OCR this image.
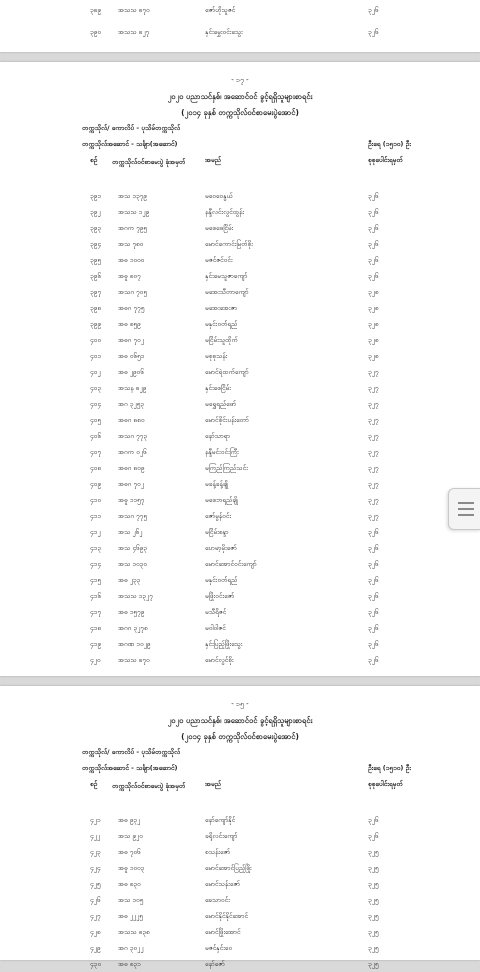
၃၈၉	အသသ ၈၇၀	ဇော်ဟိုသူဇင်	၃၂၆
၃၉၀	အသသ ၈၂၇	နှင်းမွှေးဝင်းသွေး	၃၂၆
- ၁၇ -
၂၀၂၀ ပညာသင်နှစ်၊ အဆောင်ဝင် ခွင့်ရရှိသူများစာရင်း
(၂၀၁၄ ခုနှစ် တက္ကသိုလ်ဝင်စာမေးပွဲအောင်)
တက္ကသိုလ်/ ကောလိပ် - ပုသိမ်တက္ကသိုလ်
တက္ကသိုလ်အဆောင် - သင်္ချာ(အဆောင်)	ဦးရေ (၁၅၁၀) ဦး
စဉ် တက္ကသိုလ်ဝင်စာမေးပွဲ ခုံအမှတ်	အမည်	စုစုပေါင်းရမှတ်
၃၉၁	အသ ၁၃၇၉	မဝေဝေနွယ်	၃၂၆
၃၉၂	အသသ ၁၂၉	နန္ဒီလင်းလွင်ထွန်း	၃၂၆
၃၉၃	အဂက ၇၉၅	မဖေဖေငြိမ်း	၃၂၆
၃၉၄	အသ ၇၈၀	မောင်ကောင်းမြတ်စိုး	၃၂၆
၃၉၅	အဓ ၁၀၀၀	မဇင်ဇင်ဝင်း	၃၂၆
၃၉၆	အဓူ ၈၀၇	နှင်းမေသူဇာကျော်	၃၂၆
၃၉၇	အသဂ ၇၀၅	မအေးသီတာကျော်	၃၂၈
၃၉၈	အဓဂ ၇၇၅	မအေးအေးဇာ	၃၂၈
၃၉၉	အဓ ၈၅၉	မနှင်းဝတ်ရည်	၃၂၈
၄၀၀	အဓဂ ၇၀၂	မငြိမ်းသူထိုက်	၃၂၈
၄၀၁	အဓ ၀၆၅၁	မစုစုသန်း	၃၂၈
၄၀၂	အဓ ၂၉၀၆	မောင်ရဲထက်ကျော်	၃၂၇
၄၀၃	အသန ၈၂၉	နှင်းဖေငြိမ်း	၃၂၇
၄၀၄	အဂ ၃၂၅၃	မရွှေရည်ဖော်	၃၂၇
၄၀၅	အဓဂ ၈၈၀	မောင်စိုင်းပန်းတော်	၃၂၇
၄၀၆	အသဂ ၇၇၃	နော်သာရာ	၃၂၇
၄၀၇	အဂက ၀၂၆	နန္ဒီမင်းဝင်းကြီး	၃၂၇
၄၀၈	အဓဂ ၈၀၉	မကြည်ကြည်သင်း	၃၂၇
၄၀၉	အဓဂ ၇၀၂	မခန့်ခန့်ချို	၃၂၇
၄၁၀	အဓူ ၁၁၅၇	မဖေဘရည်ချို	၃၂၇
၄၁၁	အသဂ ၇၇၅	ဇော်မွန်ဝင်း	၃၂၇
၄၁၂	အသ ၂၆၂	မငြိမ်းစန္ဒာ	၃၂၆
၄၁၃	အသ ၄၆၉၃	ဟေမာ့မိုးဇော်	၃၂၆
၄၁၄	အသ ၁၀၃၀	မောင်အောင်ဝင်းကျော်	၃၂၆
၄၁၅	အဓ ၂၃၃	မနှင်းဝတ်ရည်	၃၂၆
၄၁၆	အသသ ၁၃၂၇	မဖြိုးဝင်းဇော်	၃၂၆
၄၁၇	အဓ ၁၅၇၉	မသီရိဇင်	၃၂၆
၄၁၈	အဂဂ ၃၂၇၈	မဝါဝါဇင်	၃၂၆
၄၁၉	အဂဏ ၁၀၂၉	နှင်းပြည့်ဖြိုးသွေး	၃၂၆
၄၂၀	အသသ ၈၇၀	မောင်လွင်စိုး	၃၂၆
- ၁၅ -
၂၀၂၀ ပညာသင်နှစ်၊ အဆောင်ဝင် ခွင့်ရရှိသူများစာရင်း
(၂၀၁၄ ခုနှစ် တက္ကသိုလ်ဝင်စာမေးပွဲအောင်)
တက္ကသိုလ်/ ကောလိပ် - ပုသိမ်တက္ကသိုလ်
တက္ကသိုလ်အဆောင် - သင်္ချာ(အဆောင်)	ဦးရေ (၁၅၁၀) ဦး
စဉ် တက္ကသိုလ်ဝင်စာမေးပွဲ ခုံအမှတ်	အမည်	စုစုပေါင်းရမှတ်
၄၂၁	အဓ ၉၃၂	နော်ကျော်နိုင်	၃၂၆
၄၂၂	အသ ၉၂၀	ခရိုလင်းကျော်	၃၂၆
၄၂၃	အဓ ၇၀၆	စသန်းဇော်	၃၂၅
၄၂၄	အဓူ ၁၀၀၃	မောင်အောင်ပြည့်ဖြိုး	၃၂၅
၄၂၅	အဓ ၈၃၀	မောင်သန်းဇော်	၃၂၅
၄၂၆	အသ ၁၀၅	ခေသာဝင်း	၃၂၅
၄၂၇	အဓ ၂၂၂၅	မောင်နိုင်နိုင်အောင်	၃၂၅
၄၂၈	အသသ ၈၃၈	မောင်ဖြိုးအောင်	၃၂၅
၄၂၉	အဂ ၃၀၂၂	မဇင်နှင်းဝေ	၃၂၅
၄၃၀	အဓ ၈၃၁	နော်ဇော်	၃၂၅
